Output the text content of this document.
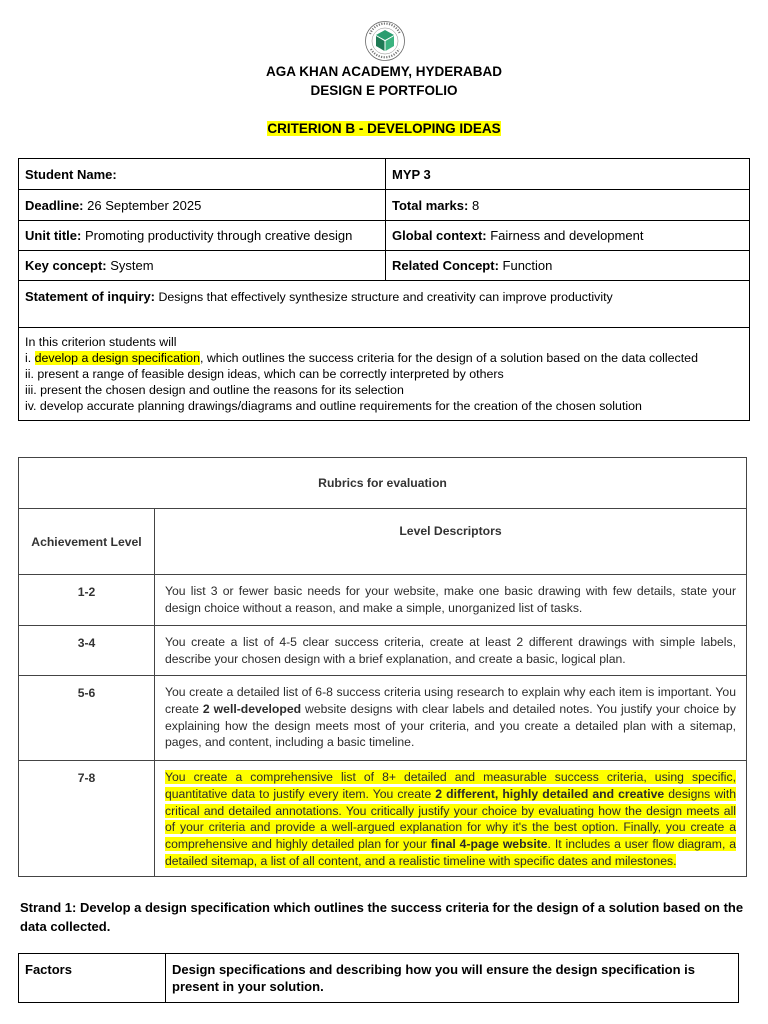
AGA KHAN ACADEMY, HYDERABAD
DESIGN E PORTFOLIO
CRITERION B - DEVELOPING IDEAS
Student Name:	MYP 3
Deadline: 26 September 2025	Total marks: 8
Unit title: Promoting productivity through creative design	Global context: Fairness and development
Key concept: System	Related Concept: Function
Statement of inquiry: Designs that effectively synthesize structure and creativity can improve productivity	

In this criterion students will
i. develop a design specification, which outlines the success criteria for the design of a solution based on the data collected
ii. present a range of feasible design ideas, which can be correctly interpreted by others
iii. present the chosen design and outline the reasons for its selection
iv. develop accurate planning drawings/diagrams and outline requirements for the creation of the chosen solution	
Rubrics for evaluation	
Achievement Level	Level Descriptors
1-2	You list 3 or fewer basic needs for your website, make one basic drawing with few details, state your design choice without a reason, and make a simple, unorganized list of tasks.
3-4	You create a list of 4-5 clear success criteria, create at least 2 different drawings with simple labels, describe your chosen design with a brief explanation, and create a basic, logical plan.
5-6	You create a detailed list of 6-8 success criteria using research to explain why each item is important. You create 2 well-developed website designs with clear labels and detailed notes. You justify your choice by explaining how the design meets most of your criteria, and you create a detailed plan with a sitemap, pages, and content, including a basic timeline.
7-8	You create a comprehensive list of 8+ detailed and measurable success criteria, using specific, quantitative data to justify every item. You create 2 different, highly detailed and creative designs with critical and detailed annotations. You critically justify your choice by evaluating how the design meets all of your criteria and provide a well-argued explanation for why it's the best option. Finally, you create a comprehensive and highly detailed plan for your final 4-page website. It includes a user flow diagram, a detailed sitemap, a list of all content, and a realistic timeline with specific dates and milestones.
Strand 1: Develop a design specification which outlines the success criteria for the design of a solution based on the data collected.
Factors	Design specifications and describing how you will ensure the design specification is present in your solution.
